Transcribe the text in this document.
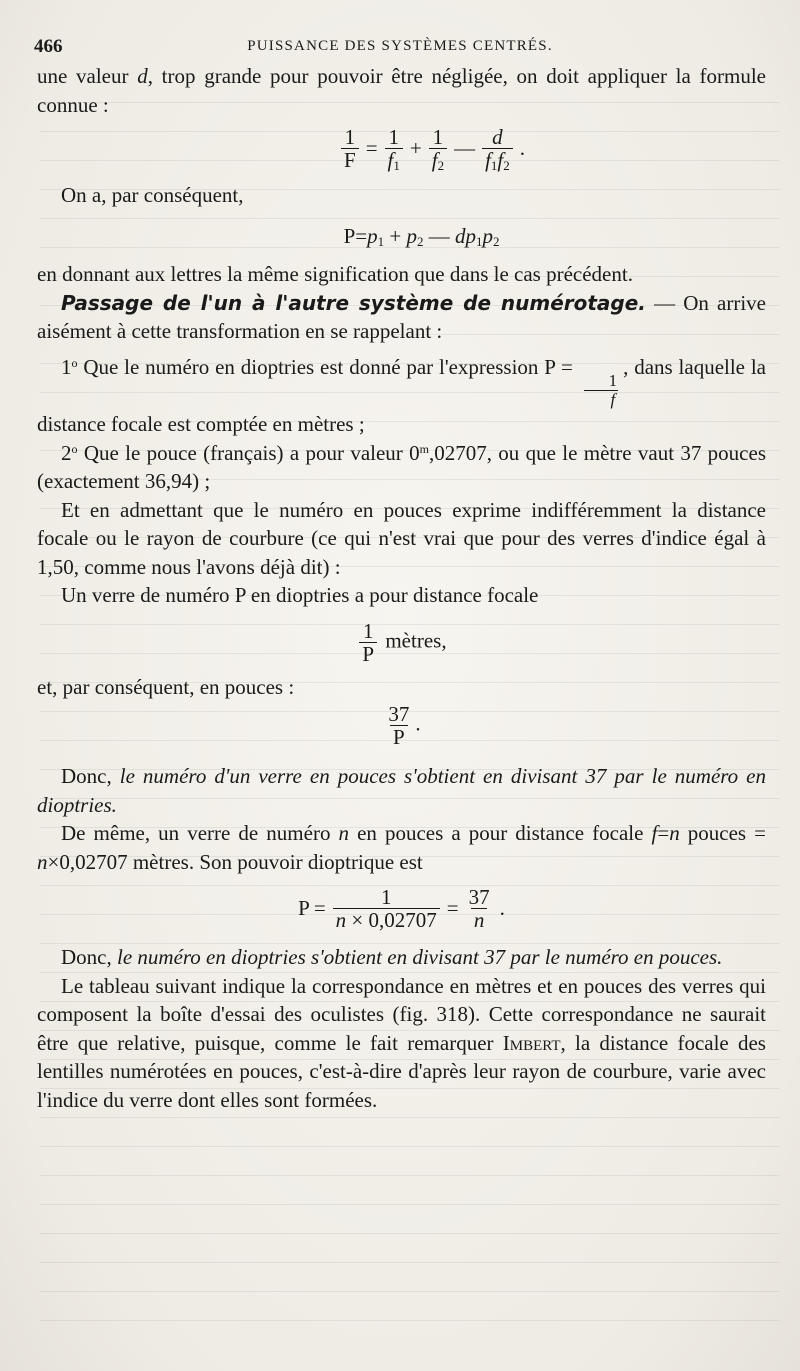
466	PUISSANCE DES SYSTÈMES CENTRÉS.

une valeur d, trop grande pour pouvoir être négligée, on doit appliquer la formule connue :

$\frac{1}{F} = \frac{1}{f_1} + \frac{1}{f_2}$ — $\frac{d}{f_1f_2}$ .

On a, par conséquent,

$P=p_1 + p_2$ — $dp_1p_2$

en donnant aux lettres la même signification que dans le cas précédent.

Passage de l'un à l'autre système de numérotage. — On arrive aisément à cette transformation en se rappelant :

1$^o$ Que le numéro en dioptries est donné par l'expression P =
$\frac{1}{f}$
, dans laquelle la distance focale est comptée en mètres ;

2$^o$ Que le pouce (français) a pour valeur 0$^m$,02707, ou que le mètre vaut 37 pouces (exactement 36,94) ;

Et en admettant que le numéro en pouces exprime indifféremment la distance focale ou le rayon de courbure (ce qui n'est vrai que pour des verres d'indice égal à 1,50, comme nous l'avons déjà dit) :

Un verre de numéro P en dioptries a pour distance focale

$\frac{1}{P}$ mètres,

et, par conséquent, en pouces :

$\frac{37}{P}$ .

Donc, le numéro d'un verre en pouces s'obtient en divisant 37 par le numéro en dioptries.

De même, un verre de numéro n en pouces a pour distance focale f=n pouces = n×0,02707 mètres. Son pouvoir dioptrique est

$P = \frac{1}{n \times 0,02707} = \frac{37}{n}$ .

Donc, le numéro en dioptries s'obtient en divisant 37 par le numéro en pouces.

Le tableau suivant indique la correspondance en mètres et en pouces des verres qui composent la boîte d'essai des oculistes (fig. 318). Cette correspondance ne saurait être que relative, puisque, comme le fait remarquer Imbert, la distance focale des lentilles numérotées en pouces, c'est-à-dire d'après leur rayon de courbure, varie avec l'indice du verre dont elles sont formées.
